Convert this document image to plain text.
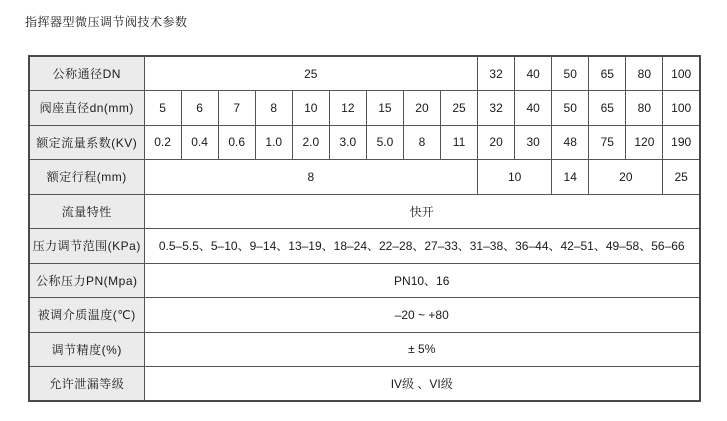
指挥器型微压调节阀技术参数
公称通径DN	25									32	40	50	65	80	100
阀座直径dn(mm)	5	6	7	8	10	12	15	20	25	32	40	50	65	80	100
额定流量系数(KV)	0.2	0.4	0.6	1.0	2.0	3.0	5.0	8	11	20	30	48	75	120	190
额定行程(mm)	8									10		14	20		25
流量特性	快开														
压力调节范围(KPa)	0.5–5.5、5–10、9–14、13–19、18–24、22–28、27–33、31–38、36–44、42–51、49–58、56–66														
公称压力PN(Mpa)	PN10、16														
被调介质温度(℃)	–20 ~ +80														
调节精度(%)	± 5%														
允许泄漏等级	IV级 、VI级														
